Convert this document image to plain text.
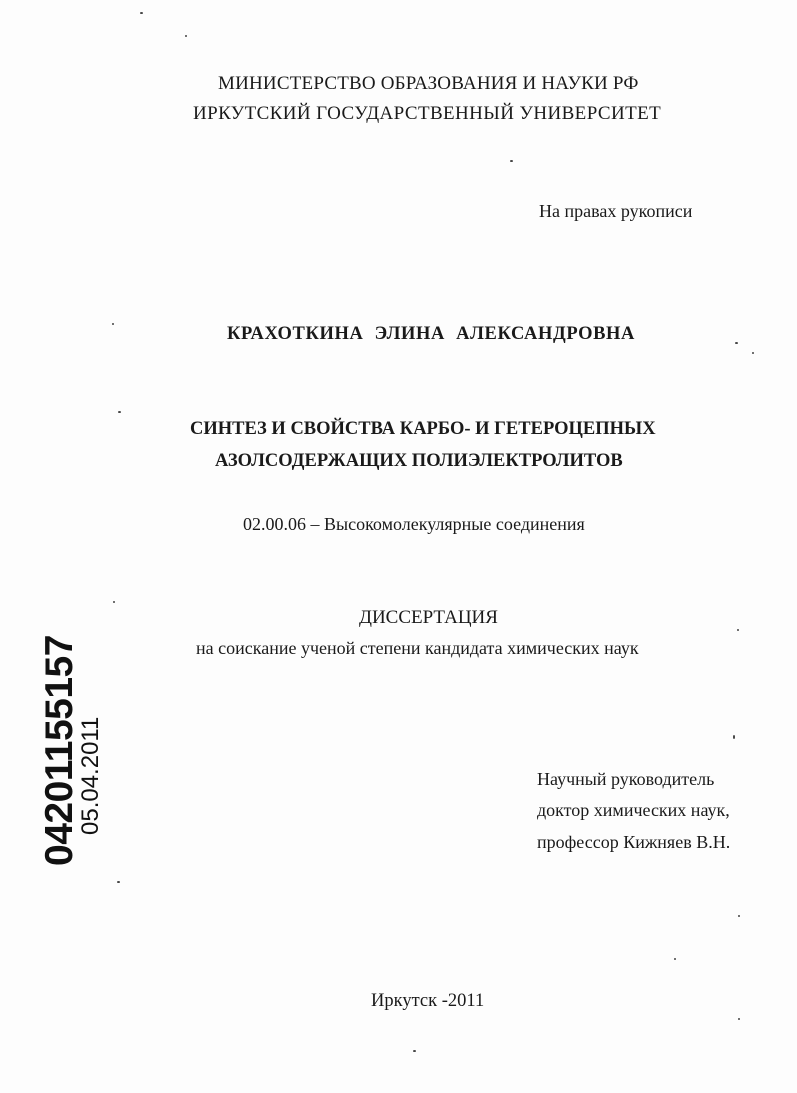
МИНИСТЕРСТВО ОБРАЗОВАНИЯ И НАУКИ РФ
ИРКУТСКИЙ ГОСУДАРСТВЕННЫЙ УНИВЕРСИТЕТ
На правах рукописи
КРАХОТКИНА ЭЛИНА АЛЕКСАНДРОВНА
СИНТЕЗ И СВОЙСТВА КАРБО- И ГЕТЕРОЦЕПНЫХ
АЗОЛСОДЕРЖАЩИХ ПОЛИЭЛЕКТРОЛИТОВ
02.00.06 – Высокомолекулярные соединения
ДИССЕРТАЦИЯ
на соискание ученой степени кандидата химических наук
Научный руководитель
доктор химических наук,
профессор Кижняев В.Н.
Иркутск -2011
04201155157
05.04.2011
